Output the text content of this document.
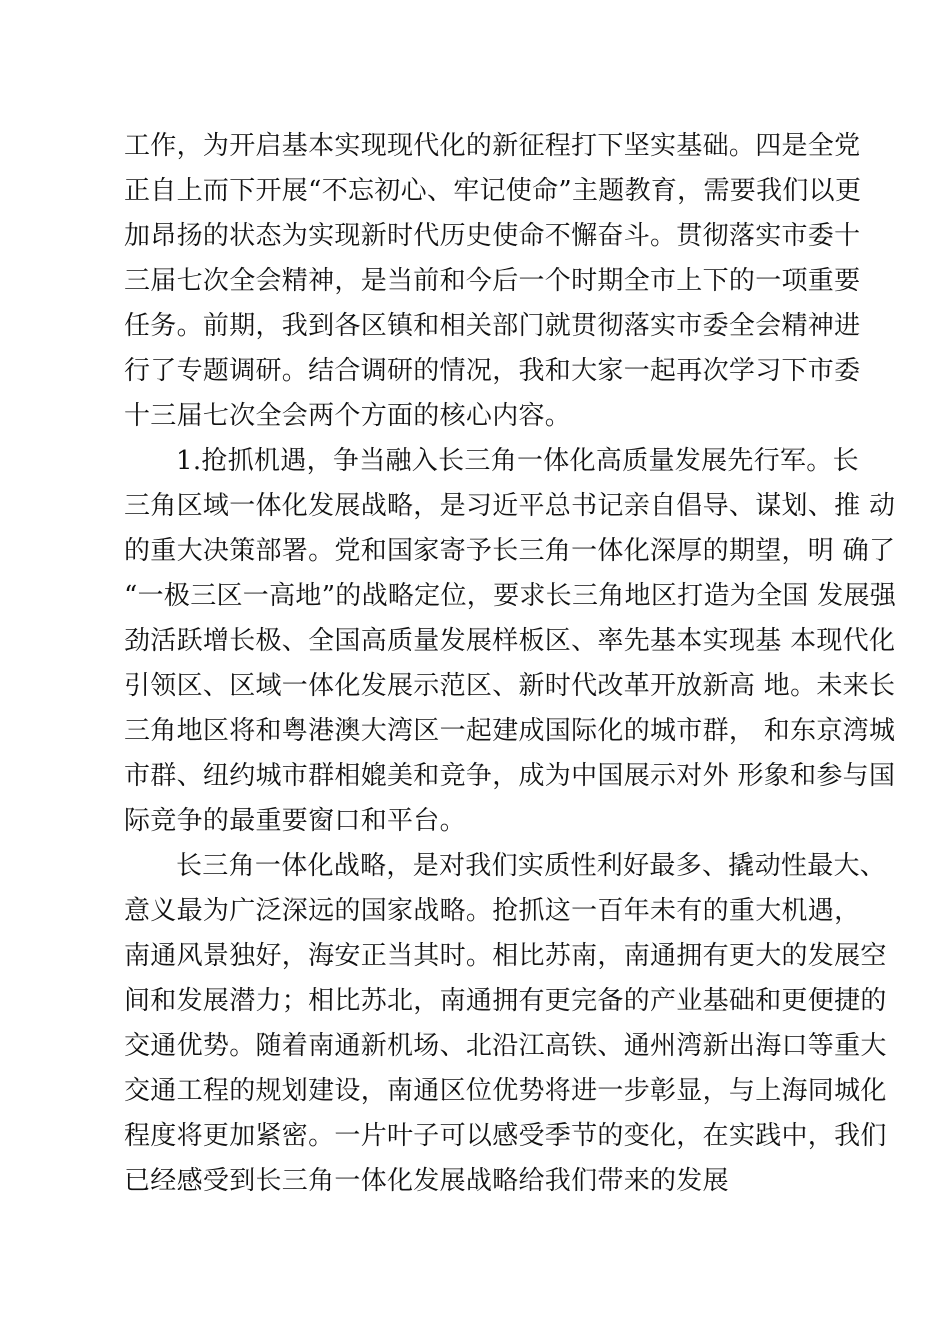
工作，为开启基本实现现代化的新征程打下坚实基础。四是全党
正自上而下开展“不忘初心、牢记使命”主题教育，需要我们以更
加昂扬的状态为实现新时代历史使命不懈奋斗。贯彻落实市委十
三届七次全会精神，是当前和今后一个时期全市上下的一项重要
任务。前期，我到各区镇和相关部门就贯彻落实市委全会精神进
行了专题调研。结合调研的情况，我和大家一起再次学习下市委
十三届七次全会两个方面的核心内容。
1.抢抓机遇，争当融入长三角一体化高质量发展先行军。长
三角区域一体化发展战略，是习近平总书记亲自倡导、谋划、推 动
的重大决策部署。党和国家寄予长三角一体化深厚的期望，明 确了
“一极三区一高地”的战略定位，要求长三角地区打造为全国 发展强
劲活跃增长极、全国高质量发展样板区、率先基本实现基 本现代化
引领区、区域一体化发展示范区、新时代改革开放新高 地。未来长
三角地区将和粤港澳大湾区一起建成国际化的城市群， 和东京湾城
市群、纽约城市群相媲美和竞争，成为中国展示对外 形象和参与国
际竞争的最重要窗口和平台。
长三角一体化战略，是对我们实质性利好最多、撬动性最大、
意义最为广泛深远的国家战略。抢抓这一百年未有的重大机遇，
南通风景独好，海安正当其时。相比苏南，南通拥有更大的发展空
间和发展潜力；相比苏北，南通拥有更完备的产业基础和更便捷的
交通优势。随着南通新机场、北沿江高铁、通州湾新出海口等重大
交通工程的规划建设，南通区位优势将进一步彰显，与上海同城化
程度将更加紧密。一片叶子可以感受季节的变化，在实践中，我们
已经感受到长三角一体化发展战略给我们带来的发展
